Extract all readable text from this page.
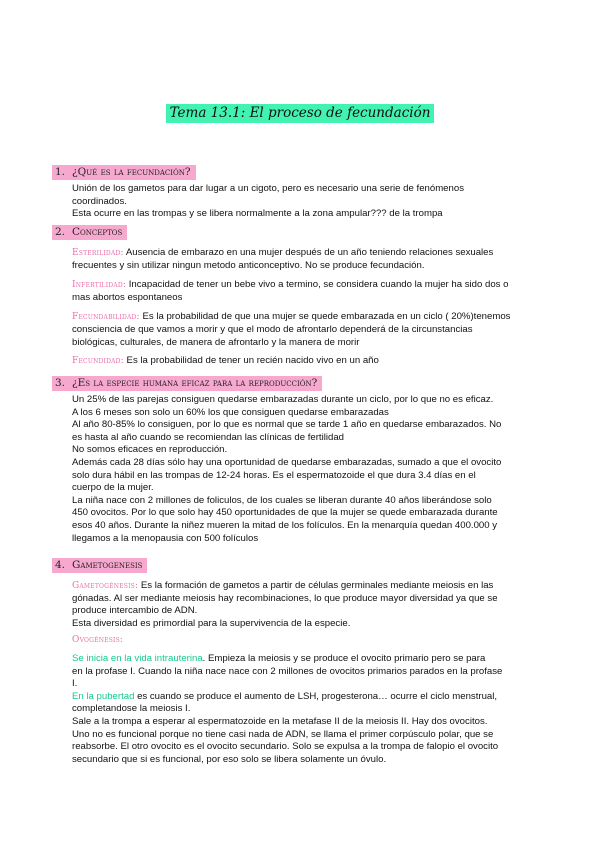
Tema 13.1: El proceso de fecundación
1. ¿Qué es la fecundación?
Unión de los gametos para dar lugar a un cigoto, pero es necesario una serie de fenómenos
coordinados.
Esta ocurre en las trompas y se libera normalmente a la zona ampular??? de la trompa
2. Conceptos
Esterilidad: Ausencia de embarazo en una mujer después de un año teniendo relaciones sexuales
frecuentes y sin utilizar ningun metodo anticonceptivo. No se produce fecundación.
Infertilidad: Incapacidad de tener un bebe vivo a termino, se considera cuando la mujer ha sido dos o
mas abortos espontaneos
Fecundabilidad: Es la probabilidad de que una mujer se quede embarazada en un ciclo ( 20%)tenemos
consciencia de que vamos a morir y que el modo de afrontarlo dependerá de la circunstancias
biológicas, culturales, de manera de afrontarlo y la manera de morir
Fecundidad: Es la probabilidad de tener un recién nacido vivo en un año
3. ¿Es la especie humana eficaz para la reproducción?
Un 25% de las parejas consiguen quedarse embarazadas durante un ciclo, por lo que no es eficaz.
A los 6 meses son solo un 60% los que consiguen quedarse embarazadas
Al año 80-85% lo consiguen, por lo que es normal que se tarde 1 año en quedarse embarazados. No
es hasta al año cuando se recomiendan las clínicas de fertilidad
No somos eficaces en reproducción.
Además cada 28 días sólo hay una oportunidad de quedarse embarazadas, sumado a que el ovocito
solo dura hábil en las trompas de 12-24 horas. Es el espermatozoide el que dura 3.4 días en el
cuerpo de la mujer.
La niña nace con 2 millones de foliculos, de los cuales se liberan durante 40 años liberándose solo
450 ovocitos. Por lo que solo hay 450 oportunidades de que la mujer se quede embarazada durante
esos 40 años. Durante la niñez mueren la mitad de los folículos. En la menarquía quedan 400.000 y
llegamos a la menopausia con 500 folículos
4. Gametogenesis
Gametogénesis: Es la formación de gametos a partir de células germinales mediante meiosis en las
gónadas. Al ser mediante meiosis hay recombinaciones, lo que produce mayor diversidad ya que se
produce intercambio de ADN.
Esta diversidad es primordial para la supervivencia de la especie.
Ovogénesis:
Se inicia en la vida intrauterina. Empieza la meiosis y se produce el ovocito primario pero se para
en la profase I. Cuando la niña nace nace con 2 millones de ovocitos primarios parados en la profase
I.
En la pubertad es cuando se produce el aumento de LSH, progesterona… ocurre el ciclo menstrual,
completandose la meiosis I.
Sale a la trompa a esperar al espermatozoide en la metafase II de la meiosis II. Hay dos ovocitos.
Uno no es funcional porque no tiene casi nada de ADN, se llama el primer corpúsculo polar, que se
reabsorbe. El otro ovocito es el ovocito secundario. Solo se expulsa a la trompa de falopio el ovocito
secundario que si es funcional, por eso solo se libera solamente un óvulo.
